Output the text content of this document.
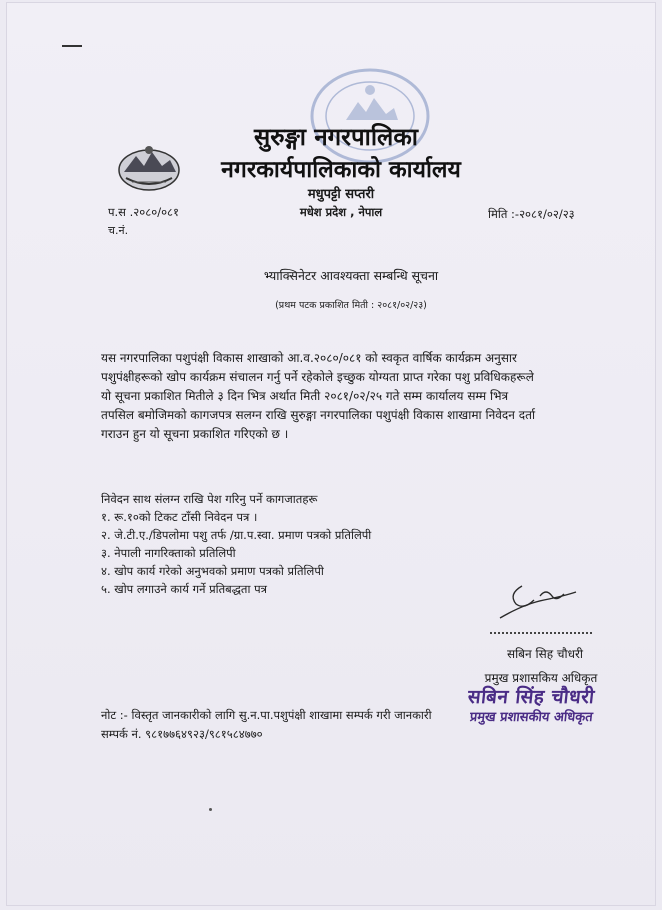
सुरुङ्गा नगरपालिका
नगरकार्यपालिकाको कार्यालय
मधुपट्टी सप्तरी
मधेश प्रदेश , नेपाल
प.स .२०८०/०८१
च.नं.
मिति :-२०८१/०२/२३
भ्याक्सिनेटर आवश्यक्ता सम्बन्धि सूचना
(प्रथम पटक प्रकाशित मिती : २०८१/०२/२३)
यस नगरपालिका पशुपंक्षी विकास शाखाको आ.व.२०८०/०८१ को स्वकृत वार्षिक कार्यक्रम अनुसार
पशुपंक्षीहरूको खोप कार्यक्रम संचालन गर्नु पर्ने रहेकोले इच्छुक योग्यता प्राप्त गरेका पशु प्रविधिकहरूले
यो सूचना प्रकाशित मितीले ३ दिन भित्र अर्थात मिती २०८१/०२/२५ गते सम्म कार्यालय सम्म भित्र
तपसिल बमोजिमको कागजपत्र सलग्न राखि सुरुङ्गा नगरपालिका पशुपंक्षी विकास शाखामा निवेदन दर्ता
गराउन हुन यो सूचना प्रकाशित गरिएको छ ।
निवेदन साथ संलग्न राखि पेश गरिनु पर्ने कागजातहरू
१. रू.१०को टिकट टाँसी निवेदन पत्र ।
२. जे.टी.ए./डिपलोमा पशु तर्फ /ग्रा.प.स्वा. प्रमाण पत्रको प्रतिलिपी
३. नेपाली नागरिक्ताको प्रतिलिपी
४. खोप कार्य गरेको अनुभवको प्रमाण पत्रको प्रतिलिपी
५. खोप लगाउने कार्य गर्ने प्रतिबद्धता पत्र
सबिन सिह चौधरी
प्रमुख प्रशासकिय अधिकृत
सबिन सिंह चौधरी
प्रमुख प्रशासकीय अधिकृत
नोट :- विस्तृत जानकारीको लागि सु.न.पा.पशुपंक्षी शाखामा सम्पर्क गरी जानकारी
सम्पर्क नं. ९८१७७६४९२३/९८१५८४७७०
